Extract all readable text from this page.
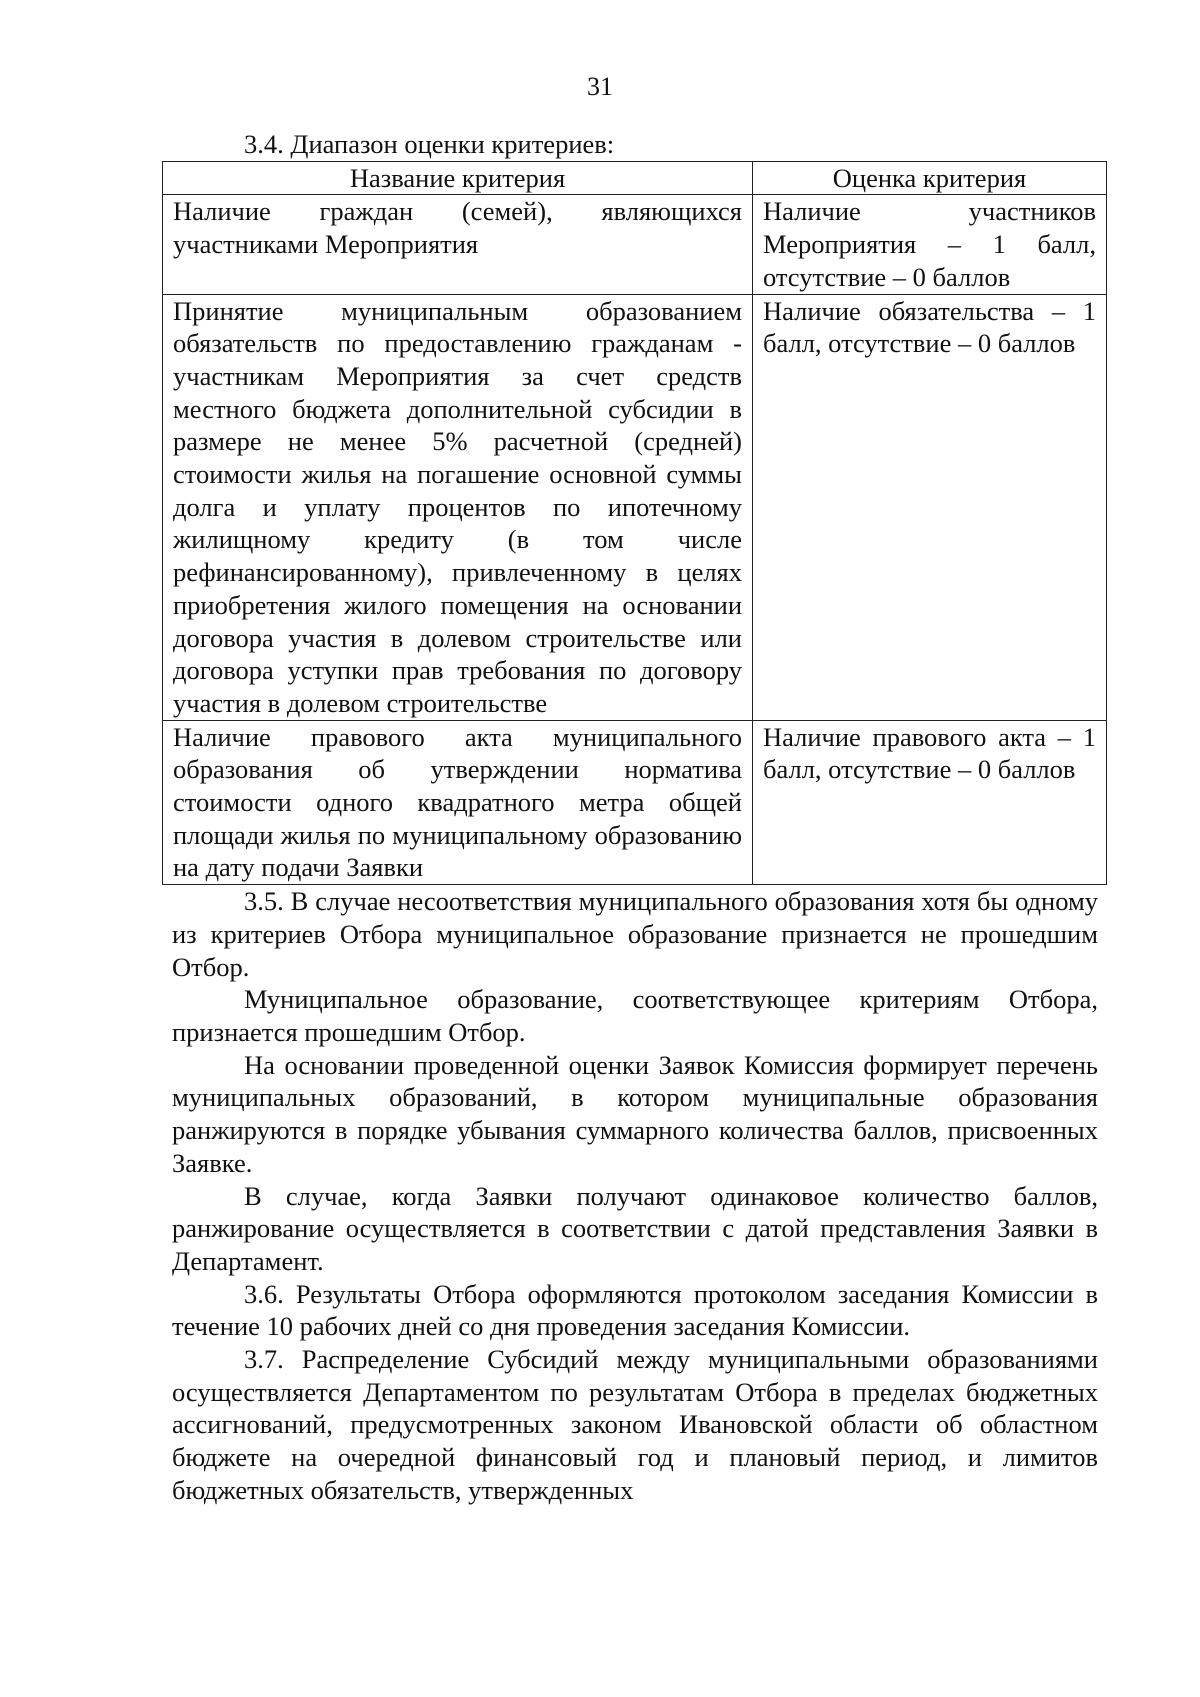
31

3.4. Диапазон оценки критериев:

Название критерия	Оценка критерия
Наличие граждан (семей), являющихся участниками Мероприятия	Наличие участников Мероприятия – 1 балл, отсутствие – 0 баллов
Принятие муниципальным образованием обязательств по предоставлению гражданам - участникам Мероприятия за счет средств местного бюджета дополнительной субсидии в размере не менее 5% расчетной (средней) стоимости жилья на погашение основной суммы долга и уплату процентов по ипотечному жилищному кредиту (в том числе рефинансированному), привлеченному в целях приобретения жилого помещения на основании договора участия в долевом строительстве или договора уступки прав требования по договору участия в долевом строительстве	Наличие обязательства – 1 балл, отсутствие – 0 баллов
Наличие правового акта муниципального образования об утверждении норматива стоимости одного квадратного метра общей площади жилья по муниципальному образованию на дату подачи Заявки	Наличие правового акта – 1 балл, отсутствие – 0 баллов

3.5. В случае несоответствия муниципального образования хотя бы одному из критериев Отбора муниципальное образование признается не прошедшим Отбор.

Муниципальное образование, соответствующее критериям Отбора, признается прошедшим Отбор.

На основании проведенной оценки Заявок Комиссия формирует перечень муниципальных образований, в котором муниципальные образования ранжируются в порядке убывания суммарного количества баллов, присвоенных Заявке.

В случае, когда Заявки получают одинаковое количество баллов, ранжирование осуществляется в соответствии с датой представления Заявки в Департамент.

3.6. Результаты Отбора оформляются протоколом заседания Комиссии в течение 10 рабочих дней со дня проведения заседания Комиссии.

3.7. Распределение Субсидий между муниципальными образованиями осуществляется Департаментом по результатам Отбора в пределах бюджетных ассигнований, предусмотренных законом Ивановской области об областном бюджете на очередной финансовый год и плановый период, и лимитов бюджетных обязательств, утвержденных
